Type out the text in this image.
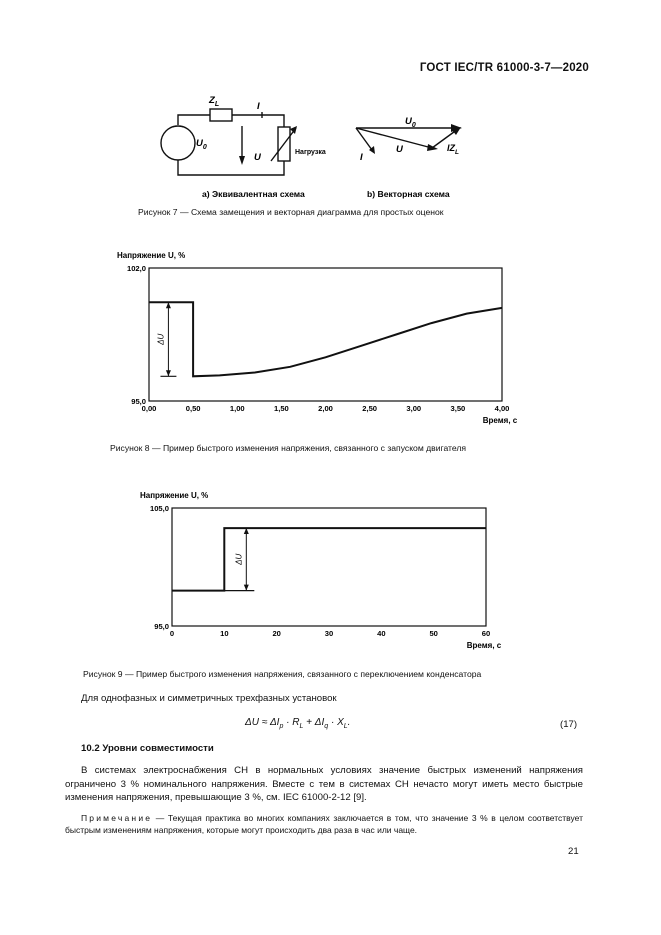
ГОСТ IEC/TR 61000-3-7—2020
$Z_L$	I
$U_0$
U	Нагрузка
$U_0$
I
U	$IZ_L$
а) Эквивалентная схема	b) Векторная схема
Рисунок 7 — Схема замещения и векторная диаграмма для простых оценок
Напряжение U, %
102,0
95,0
0,00	0,50	1,00	1,50	2,00	2,50	3,00	3,50	4,00
Время, с
ΔU
Рисунок 8 — Пример быстрого изменения напряжения, связанного с запуском двигателя
Напряжение U, %
105,0
95,0
0	10	20	30	40	50	60
Время, с
ΔU
Рисунок 9 — Пример быстрого изменения напряжения, связанного с переключением конденсатора
Для однофазных и симметричных трехфазных установок
$\Delta U \approx \Delta I_p \cdot R_L + \Delta I_q \cdot X_L$.	(17)
10.2 Уровни совместимости
В системах электроснабжения СН в нормальных условиях значение быстрых изменений напряжения ограничено 3 % номинального напряжения. Вместе с тем в системах СН нечасто могут иметь место быстрые изменения напряжения, превышающие 3 %, см. IEC 61000-2-12 [9].
Примечание — Текущая практика во многих компаниях заключается в том, что значение 3 % в целом соответствует быстрым изменениям напряжения, которые могут происходить два раза в час или чаще.
21
